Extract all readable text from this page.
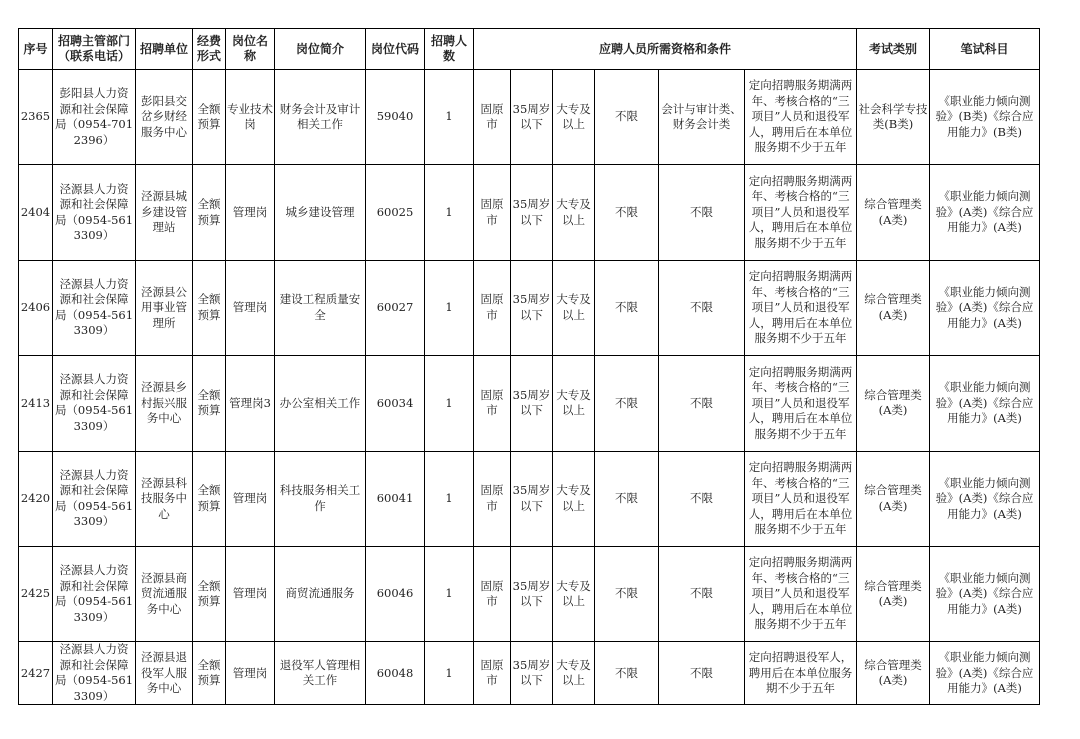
序号	招聘主管部门（联系电话）	招聘单位	经费形式	岗位名称	岗位简介	岗位代码	招聘人数	应聘人员所需资格和条件						考试类别	笔试科目
2365	彭阳县人力资源和社会保障局（0954-7012396）	彭阳县交岔乡财经服务中心	全额预算	专业技术岗	财务会计及审计相关工作	59040	1	固原市	35周岁以下	大专及以上	不限	会计与审计类、财务会计类	定向招聘服务期满两年、考核合格的“三项目”人员和退役军人，聘用后在本单位服务期不少于五年	社会科学专技类(B类)	《职业能力倾向测验》(B类)《综合应用能力》(B类)
2404	泾源县人力资源和社会保障局（0954-5613309）	泾源县城乡建设管理站	全额预算	管理岗	城乡建设管理	60025	1	固原市	35周岁以下	大专及以上	不限	不限	定向招聘服务期满两年、考核合格的“三项目”人员和退役军人，聘用后在本单位服务期不少于五年	综合管理类(A类)	《职业能力倾向测验》(A类)《综合应用能力》(A类)
2406	泾源县人力资源和社会保障局（0954-5613309）	泾源县公用事业管理所	全额预算	管理岗	建设工程质量安全	60027	1	固原市	35周岁以下	大专及以上	不限	不限	定向招聘服务期满两年、考核合格的“三项目”人员和退役军人，聘用后在本单位服务期不少于五年	综合管理类(A类)	《职业能力倾向测验》(A类)《综合应用能力》(A类)
2413	泾源县人力资源和社会保障局（0954-5613309）	泾源县乡村振兴服务中心	全额预算	管理岗3	办公室相关工作	60034	1	固原市	35周岁以下	大专及以上	不限	不限	定向招聘服务期满两年、考核合格的“三项目”人员和退役军人，聘用后在本单位服务期不少于五年	综合管理类(A类)	《职业能力倾向测验》(A类)《综合应用能力》(A类)
2420	泾源县人力资源和社会保障局（0954-5613309）	泾源县科技服务中心	全额预算	管理岗	科技服务相关工作	60041	1	固原市	35周岁以下	大专及以上	不限	不限	定向招聘服务期满两年、考核合格的“三项目”人员和退役军人，聘用后在本单位服务期不少于五年	综合管理类(A类)	《职业能力倾向测验》(A类)《综合应用能力》(A类)
2425	泾源县人力资源和社会保障局（0954-5613309）	泾源县商贸流通服务中心	全额预算	管理岗	商贸流通服务	60046	1	固原市	35周岁以下	大专及以上	不限	不限	定向招聘服务期满两年、考核合格的“三项目”人员和退役军人，聘用后在本单位服务期不少于五年	综合管理类(A类)	《职业能力倾向测验》(A类)《综合应用能力》(A类)
2427	泾源县人力资源和社会保障局（0954-5613309）	泾源县退役军人服务中心	全额预算	管理岗	退役军人管理相关工作	60048	1	固原市	35周岁以下	大专及以上	不限	不限	定向招聘退役军人，聘用后在本单位服务期不少于五年	综合管理类(A类)	《职业能力倾向测验》(A类)《综合应用能力》(A类)
